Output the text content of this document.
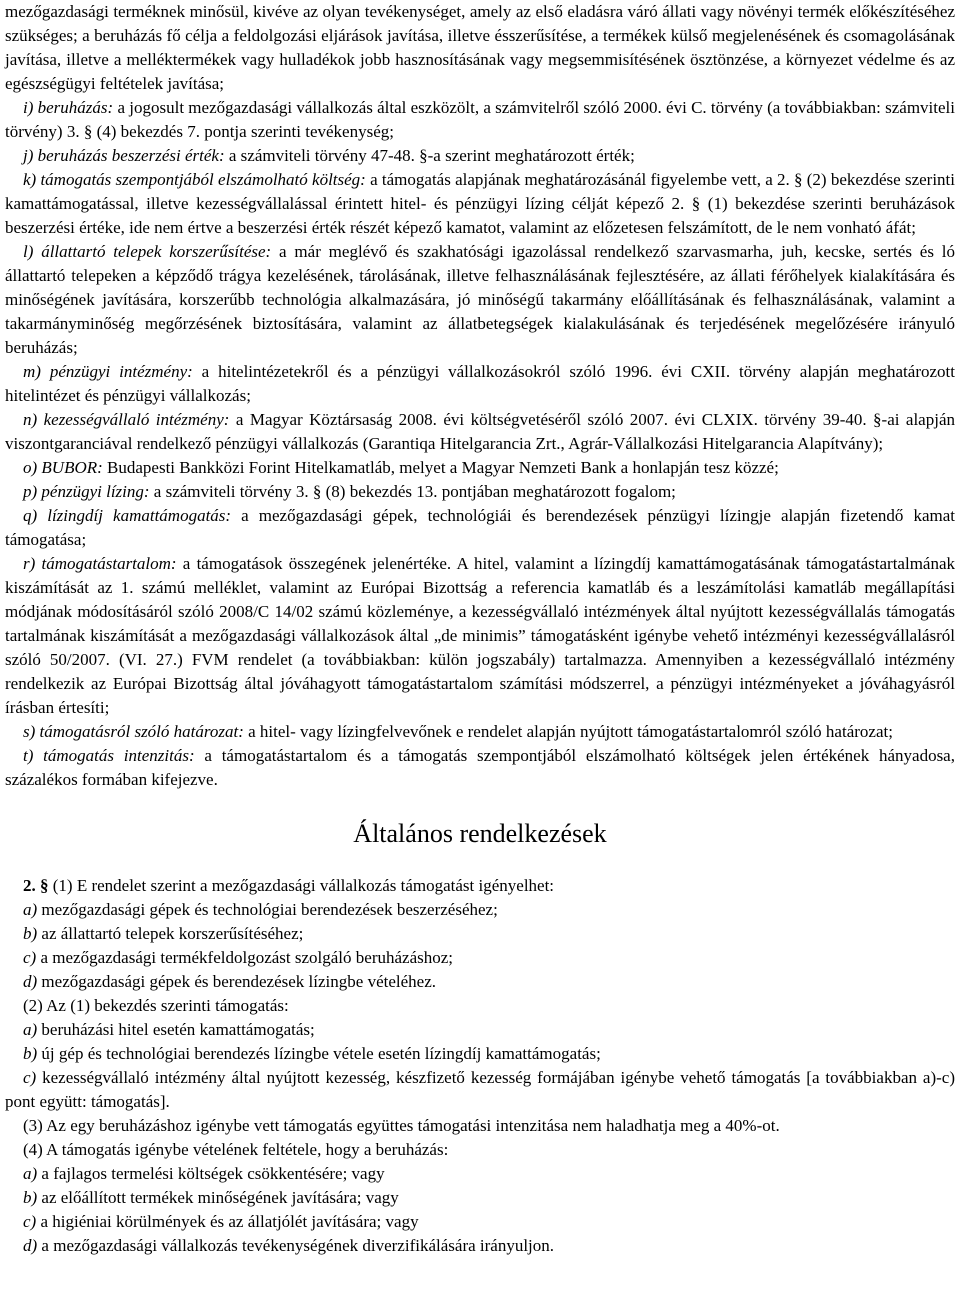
mezőgazdasági terméknek minősül, kivéve az olyan tevékenységet, amely az első eladásra váró állati vagy növényi termék előkészítéséhez szükséges; a beruházás fő célja a feldolgozási eljárások javítása, illetve ésszerűsítése, a termékek külső megjelenésének és csomagolásának javítása, illetve a melléktermékek vagy hulladékok jobb hasznosításának vagy megsemmisítésének ösztönzése, a környezet védelme és az egészségügyi feltételek javítása;

i) beruházás: a jogosult mezőgazdasági vállalkozás által eszközölt, a számvitelről szóló 2000. évi C. törvény (a továbbiakban: számviteli törvény) 3. § (4) bekezdés 7. pontja szerinti tevékenység;

j) beruházás beszerzési érték: a számviteli törvény 47-48. §-a szerint meghatározott érték;

k) támogatás szempontjából elszámolható költség: a támogatás alapjának meghatározásánál figyelembe vett, a 2. § (2) bekezdése szerinti kamattámogatással, illetve kezességvállalással érintett hitel- és pénzügyi lízing célját képező 2. § (1) bekezdése szerinti beruházások beszerzési értéke, ide nem értve a beszerzési érték részét képező kamatot, valamint az előzetesen felszámított, de le nem vonható áfát;

l) állattartó telepek korszerűsítése: a már meglévő és szakhatósági igazolással rendelkező szarvasmarha, juh, kecske, sertés és ló állattartó telepeken a képződő trágya kezelésének, tárolásának, illetve felhasználásának fejlesztésére, az állati férőhelyek kialakítására és minőségének javítására, korszerűbb technológia alkalmazására, jó minőségű takarmány előállításának és felhasználásának, valamint a takarmányminőség megőrzésének biztosítására, valamint az állatbetegségek kialakulásának és terjedésének megelőzésére irányuló beruházás;

m) pénzügyi intézmény: a hitelintézetekről és a pénzügyi vállalkozásokról szóló 1996. évi CXII. törvény alapján meghatározott hitelintézet és pénzügyi vállalkozás;

n) kezességvállaló intézmény: a Magyar Köztársaság 2008. évi költségvetéséről szóló 2007. évi CLXIX. törvény 39-40. §-ai alapján viszontgaranciával rendelkező pénzügyi vállalkozás (Garantiqa Hitelgarancia Zrt., Agrár-Vállalkozási Hitelgarancia Alapítvány);

o) BUBOR: Budapesti Bankközi Forint Hitelkamatláb, melyet a Magyar Nemzeti Bank a honlapján tesz közzé;

p) pénzügyi lízing: a számviteli törvény 3. § (8) bekezdés 13. pontjában meghatározott fogalom;

q) lízingdíj kamattámogatás: a mezőgazdasági gépek, technológiái és berendezések pénzügyi lízingje alapján fizetendő kamat támogatása;

r) támogatástartalom: a támogatások összegének jelenértéke. A hitel, valamint a lízingdíj kamattámogatásának támogatástartalmának kiszámítását az 1. számú melléklet, valamint az Európai Bizottság a referencia kamatláb és a leszámítolási kamatláb megállapítási módjának módosításáról szóló 2008/C 14/02 számú közleménye, a kezességvállaló intézmények által nyújtott kezességvállalás támogatás tartalmának kiszámítását a mezőgazdasági vállalkozások által „de minimis” támogatásként igénybe vehető intézményi kezességvállalásról szóló 50/2007. (VI. 27.) FVM rendelet (a továbbiakban: külön jogszabály) tartalmazza. Amennyiben a kezességvállaló intézmény rendelkezik az Európai Bizottság által jóváhagyott támogatástartalom számítási módszerrel, a pénzügyi intézményeket a jóváhagyásról írásban értesíti;

s) támogatásról szóló határozat: a hitel- vagy lízingfelvevőnek e rendelet alapján nyújtott támogatástartalomról szóló határozat;

t) támogatás intenzitás: a támogatástartalom és a támogatás szempontjából elszámolható költségek jelen értékének hányadosa, százalékos formában kifejezve.

Általános rendelkezések

2. § (1) E rendelet szerint a mezőgazdasági vállalkozás támogatást igényelhet:

a) mezőgazdasági gépek és technológiai berendezések beszerzéséhez;

b) az állattartó telepek korszerűsítéséhez;

c) a mezőgazdasági termékfeldolgozást szolgáló beruházáshoz;

d) mezőgazdasági gépek és berendezések lízingbe vételéhez.

(2) Az (1) bekezdés szerinti támogatás:

a) beruházási hitel esetén kamattámogatás;

b) új gép és technológiai berendezés lízingbe vétele esetén lízingdíj kamattámogatás;

c) kezességvállaló intézmény által nyújtott kezesség, készfizető kezesség formájában igénybe vehető támogatás [a továbbiakban a)-c) pont együtt: támogatás].

(3) Az egy beruházáshoz igénybe vett támogatás együttes támogatási intenzitása nem haladhatja meg a 40%-ot.

(4) A támogatás igénybe vételének feltétele, hogy a beruházás:

a) a fajlagos termelési költségek csökkentésére; vagy

b) az előállított termékek minőségének javítására; vagy

c) a higiéniai körülmények és az állatjólét javítására; vagy

d) a mezőgazdasági vállalkozás tevékenységének diverzifikálására irányuljon.
